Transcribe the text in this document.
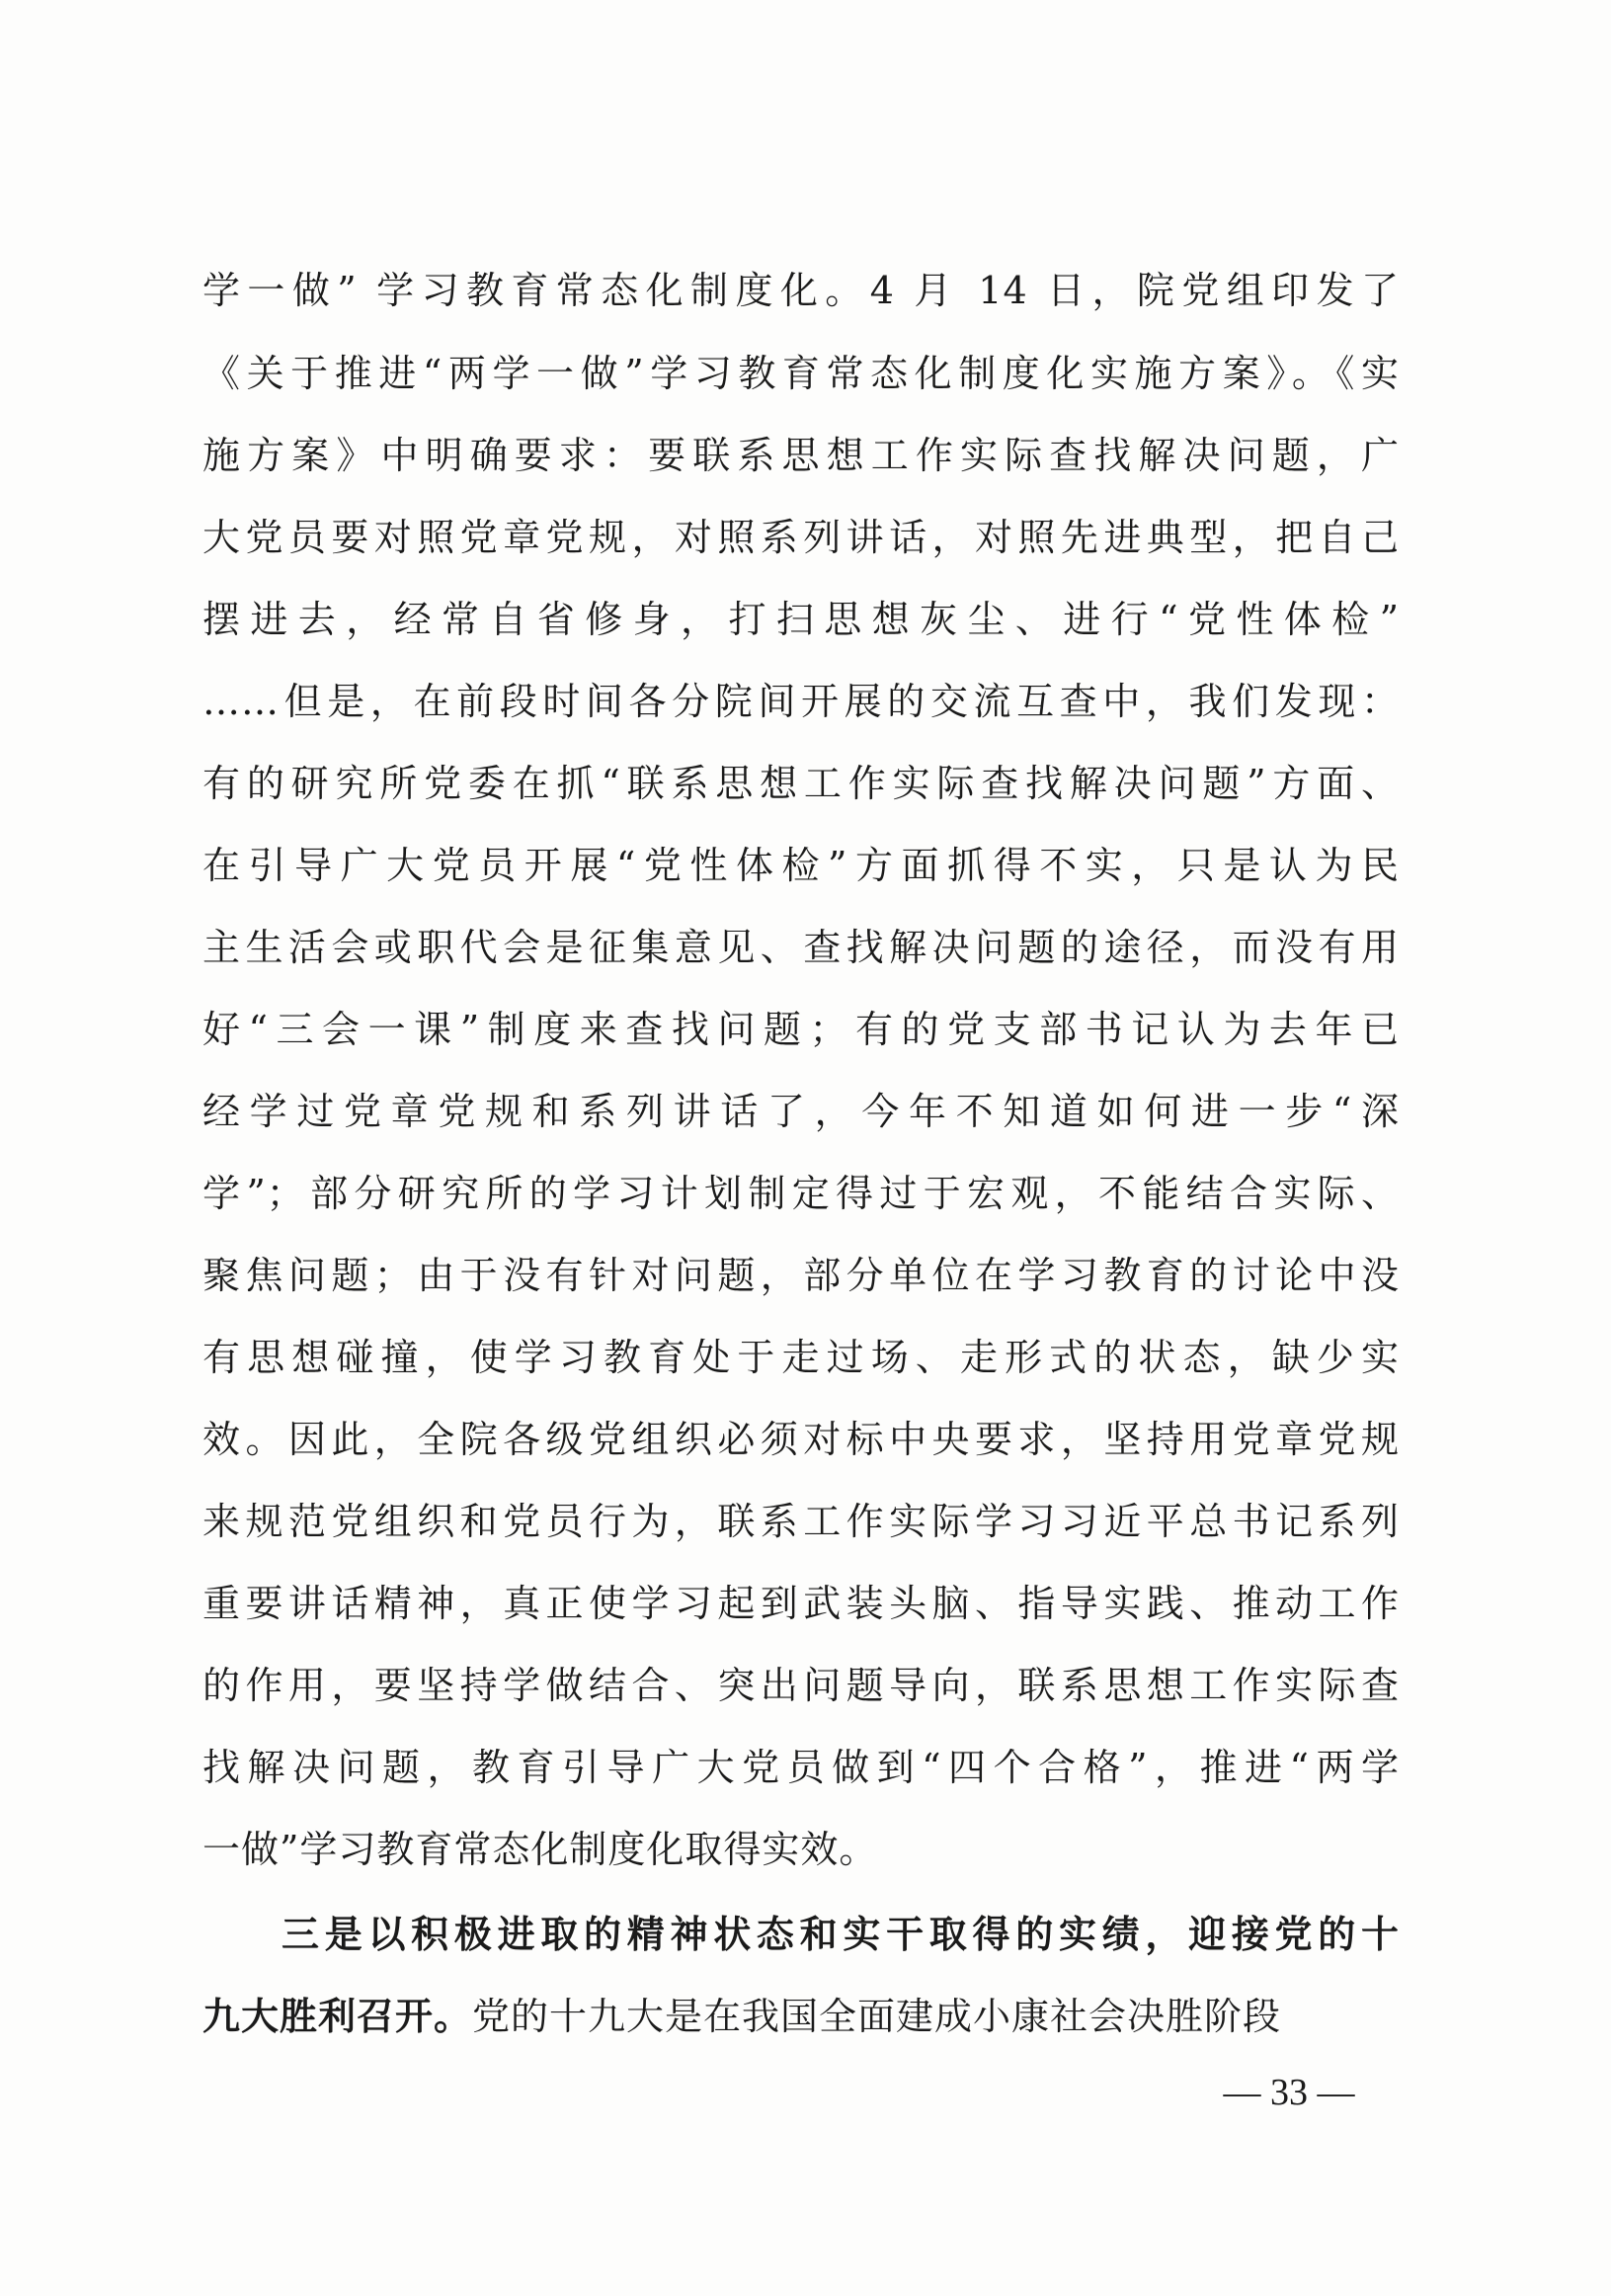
学一做” 学习教育常态化制度化。4 月 14 日，院党组印发了
《关于推进“两学一做”学习教育常态化制度化实施方案》。《实
施方案》中明确要求：要联系思想工作实际查找解决问题，广
大党员要对照党章党规，对照系列讲话，对照先进典型，把自己
摆进去，经常自省修身，打扫思想灰尘、进行“党性体检”
……但是，在前段时间各分院间开展的交流互查中，我们发现：
有的研究所党委在抓“联系思想工作实际查找解决问题”方面、
在引导广大党员开展“党性体检”方面抓得不实，只是认为民
主生活会或职代会是征集意见、查找解决问题的途径，而没有用
好“三会一课”制度来查找问题；有的党支部书记认为去年已
经学过党章党规和系列讲话了，今年不知道如何进一步“深
学”；部分研究所的学习计划制定得过于宏观，不能结合实际、
聚焦问题；由于没有针对问题，部分单位在学习教育的讨论中没
有思想碰撞，使学习教育处于走过场、走形式的状态，缺少实
效。因此，全院各级党组织必须对标中央要求，坚持用党章党规
来规范党组织和党员行为，联系工作实际学习习近平总书记系列
重要讲话精神，真正使学习起到武装头脑、指导实践、推动工作
的作用，要坚持学做结合、突出问题导向，联系思想工作实际查
找解决问题，教育引导广大党员做到“四个合格”，推进“两学
一做”学习教育常态化制度化取得实效。
三是以积极进取的精神状态和实干取得的实绩，迎接党的十
九大胜利召开。党的十九大是在我国全面建成小康社会决胜阶段
— 33 —
